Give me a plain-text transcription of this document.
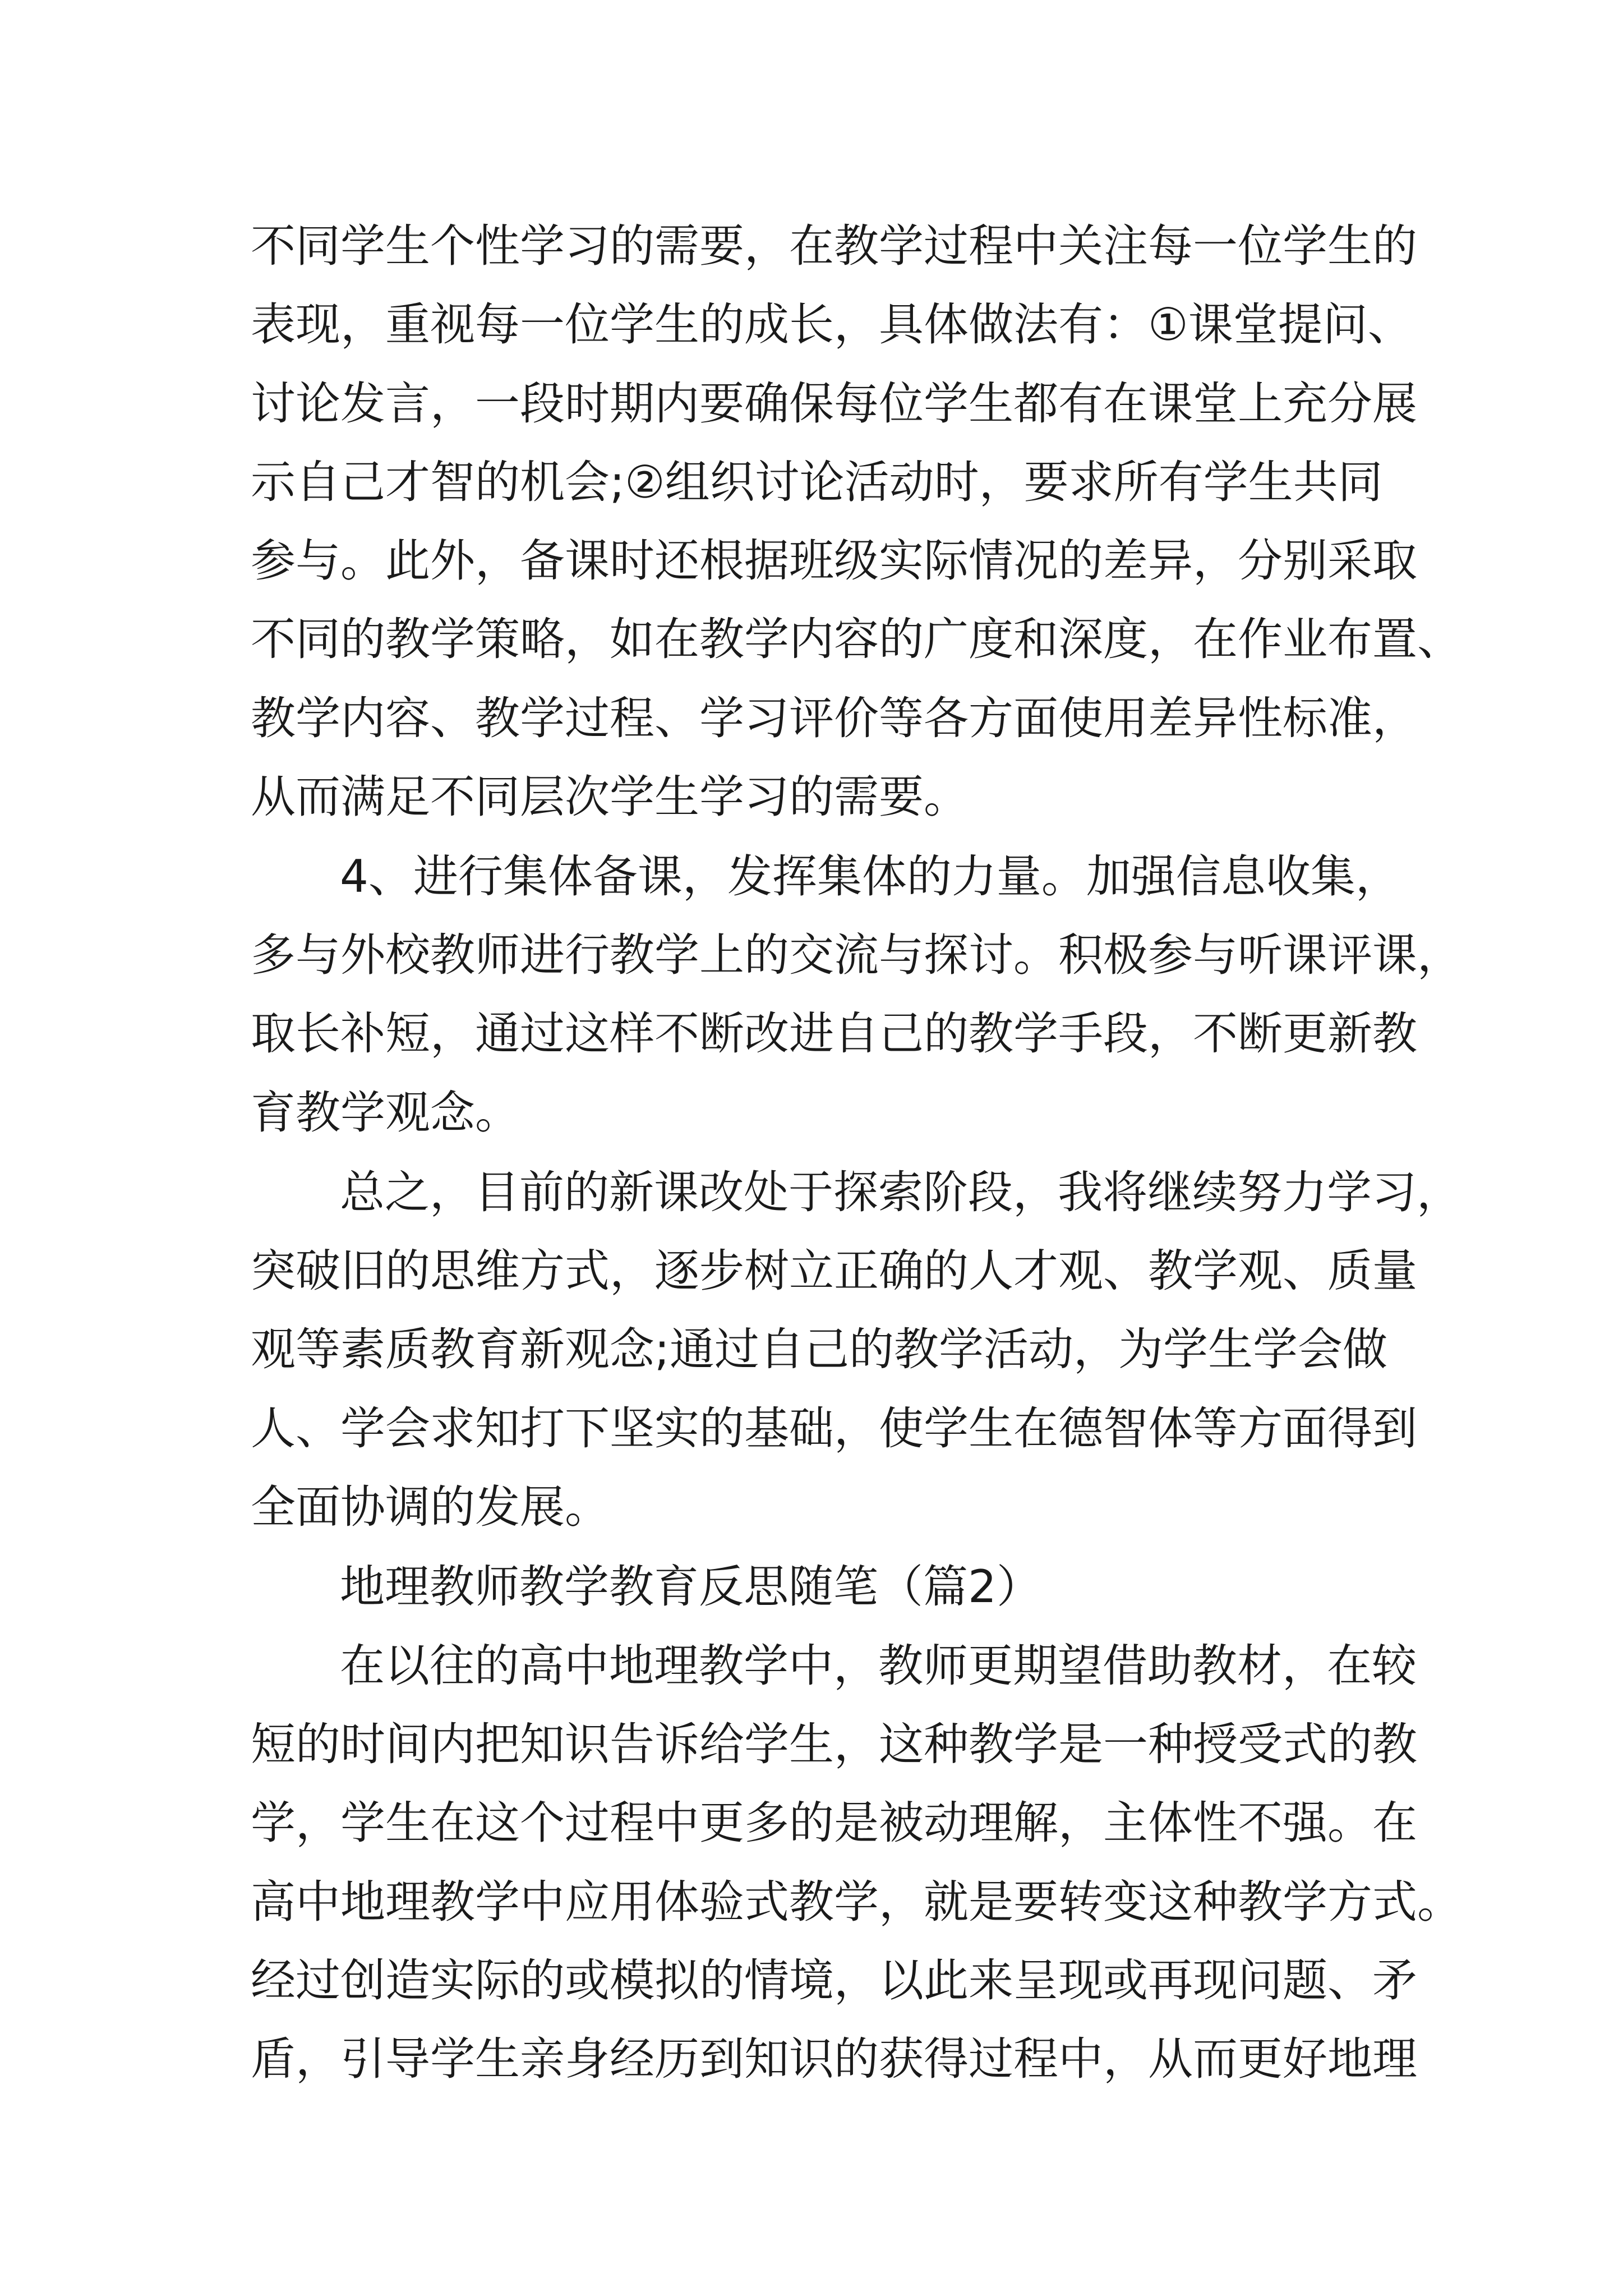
不同学生个性学习的需要，在教学过程中关注每一位学生的

表现，重视每一位学生的成长，具体做法有：①课堂提问、

讨论发言，一段时期内要确保每位学生都有在课堂上充分展

示自己才智的机会;②组织讨论活动时，要求所有学生共同

参与。此外，备课时还根据班级实际情况的差异，分别采取

不同的教学策略，如在教学内容的广度和深度，在作业布置、

教学内容、教学过程、学习评价等各方面使用差异性标准，

从而满足不同层次学生学习的需要。

4、进行集体备课，发挥集体的力量。加强信息收集，

多与外校教师进行教学上的交流与探讨。积极参与听课评课，

取长补短，通过这样不断改进自己的教学手段，不断更新教

育教学观念。

总之，目前的新课改处于探索阶段，我将继续努力学习，

突破旧的思维方式，逐步树立正确的人才观、教学观、质量

观等素质教育新观念;通过自己的教学活动，为学生学会做

人、学会求知打下坚实的基础，使学生在德智体等方面得到

全面协调的发展。

地理教师教学教育反思随笔（篇2）

在以往的高中地理教学中，教师更期望借助教材，在较

短的时间内把知识告诉给学生，这种教学是一种授受式的教

学，学生在这个过程中更多的是被动理解，主体性不强。在

高中地理教学中应用体验式教学，就是要转变这种教学方式。

经过创造实际的或模拟的情境，以此来呈现或再现问题、矛

盾，引导学生亲身经历到知识的获得过程中，从而更好地理
